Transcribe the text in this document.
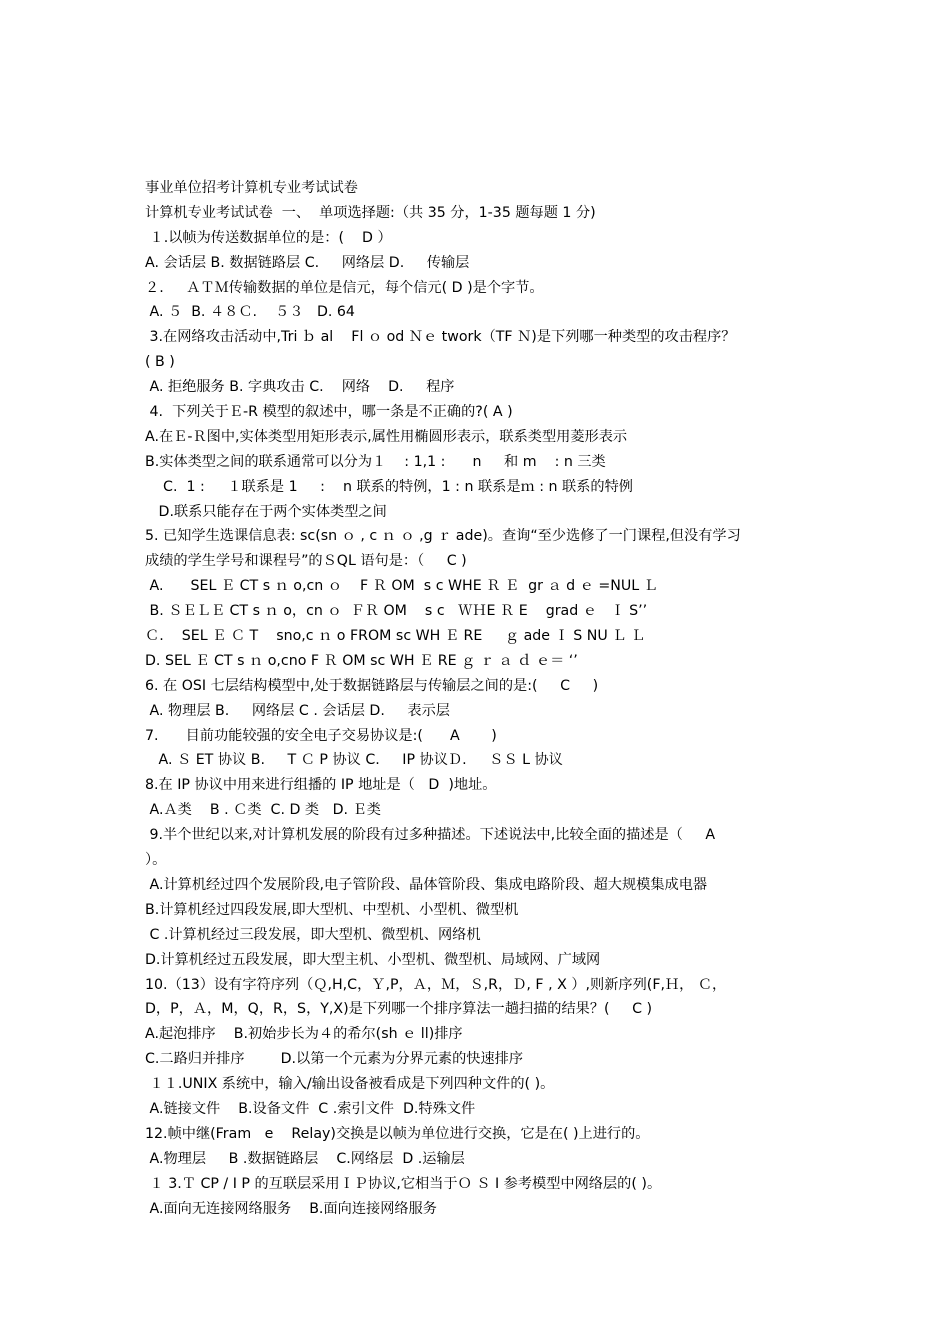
事业单位招考计算机专业考试试卷
计算机专业考试试卷  一、  单项选择题:（共 35 分，1-35 题每题 1 分)
１.以帧为传送数据单位的是：(    D ）
A. 会话层 B. 数据链路层 C.     网络层 D.     传输层
２.     ＡＴＭ传输数据的单位是信元，每个信元( D )是个字节。
A. ５  B. ４８Ｃ.    ５３   D. 64
3.在网络攻击活动中,Tri ｂ al    Fl ｏ od Ｎｅ twork（TF Ｎ)是下列哪一种类型的攻击程序？
( B )
A. 拒绝服务 B. 字典攻击 C.    网络    D.     程序
4.  下列关于Ｅ-R 模型的叙述中，哪一条是不正确的?( A )
A.在Ｅ-Ｒ图中,实体类型用矩形表示,属性用椭圆形表示，联系类型用菱形表示
B.实体类型之间的联系通常可以分为１    : 1,1 :      n     和 m    : n 三类
C.  1 :     １联系是 1     :    n 联系的特例，1 : n 联系是ｍ : n 联系的特例
D.联系只能存在于两个实体类型之间
5. 已知学生选课信息表: sc(sn ｏ , c ｎ ｏ ,g ｒ ade)。查询“至少选修了一门课程,但没有学习
成绩的学生学号和课程号”的ＳQL 语句是：（     C )
A.      SEL Ｅ CT s ｎ o,cn ｏ    F Ｒ OM  s c WHE Ｒ Ｅ  gr ａ d ｅ =NUL Ｌ
B. ＳＥＬＥ CT s ｎ o，cn ｏ  ＦＲ OM    s c   ＷＨE Ｒ E    grad ｅ   Ｉ S’’
Ｃ.    SEL Ｅ Ｃ T    sno,c ｎ o FROM sc WH Ｅ RE     ｇ ade Ｉ S NU Ｌ Ｌ
D. SEL Ｅ CT s ｎ o,cno F Ｒ OM sc WH Ｅ RE ｇ ｒ ａ ｄ ｅ＝ ‘’
6. 在 OSI 七层结构模型中,处于数据链路层与传输层之间的是:(     C     )
A. 物理层 B.     网络层 C . 会话层 D.     表示层
7.      目前功能较强的安全电子交易协议是:(      A       )
A. Ｓ ET 协议 B.     T Ｃ P 协议 C.     IP 协议Ｄ.     ＳＳ L 协议
8.在 IP 协议中用来进行组播的 IP 地址是（   D  )地址。
A.Ａ类    B . Ｃ类  C. D 类   D. Ｅ类
9.半个世纪以来,对计算机发展的阶段有过多种描述。下述说法中,比较全面的描述是（     A
）。
A.计算机经过四个发展阶段,电子管阶段、晶体管阶段、集成电路阶段、超大规模集成电器
B.计算机经过四段发展,即大型机、中型机、小型机、微型机
C .计算机经过三段发展，即大型机、微型机、网络机
D.计算机经过五段发展，即大型主机、小型机、微型机、局域网、广域网
10.（13）设有字符序列（Ｑ,H,C，Ｙ,P，Ａ，Ｍ，Ｓ,R，Ｄ, F , X ）,则新序列(F,Ｈ， Ｃ，
D，P，Ａ，M，Q，R，S，Y,X)是下列哪一个排序算法一趟扫描的结果？(     C )
A.起泡排序    B.初始步长为４的希尔(sh ｅ ll)排序
C.二路归并排序        D.以第一个元素为分界元素的快速排序
１１.UNIX 系统中，输入/输出设备被看成是下列四种文件的( )。
A.链接文件    B.设备文件  C .索引文件  D.特殊文件
12.帧中继(Fram   e    Relay)交换是以帧为单位进行交换，它是在( )上进行的。
A.物理层     B .数据链路层    C.网络层  D .运输层
１ 3.Ｔ CP / I P 的互联层采用ＩＰ协议,它相当于Ｏ Ｓ I 参考模型中网络层的( )。
A.面向无连接网络服务    B.面向连接网络服务
